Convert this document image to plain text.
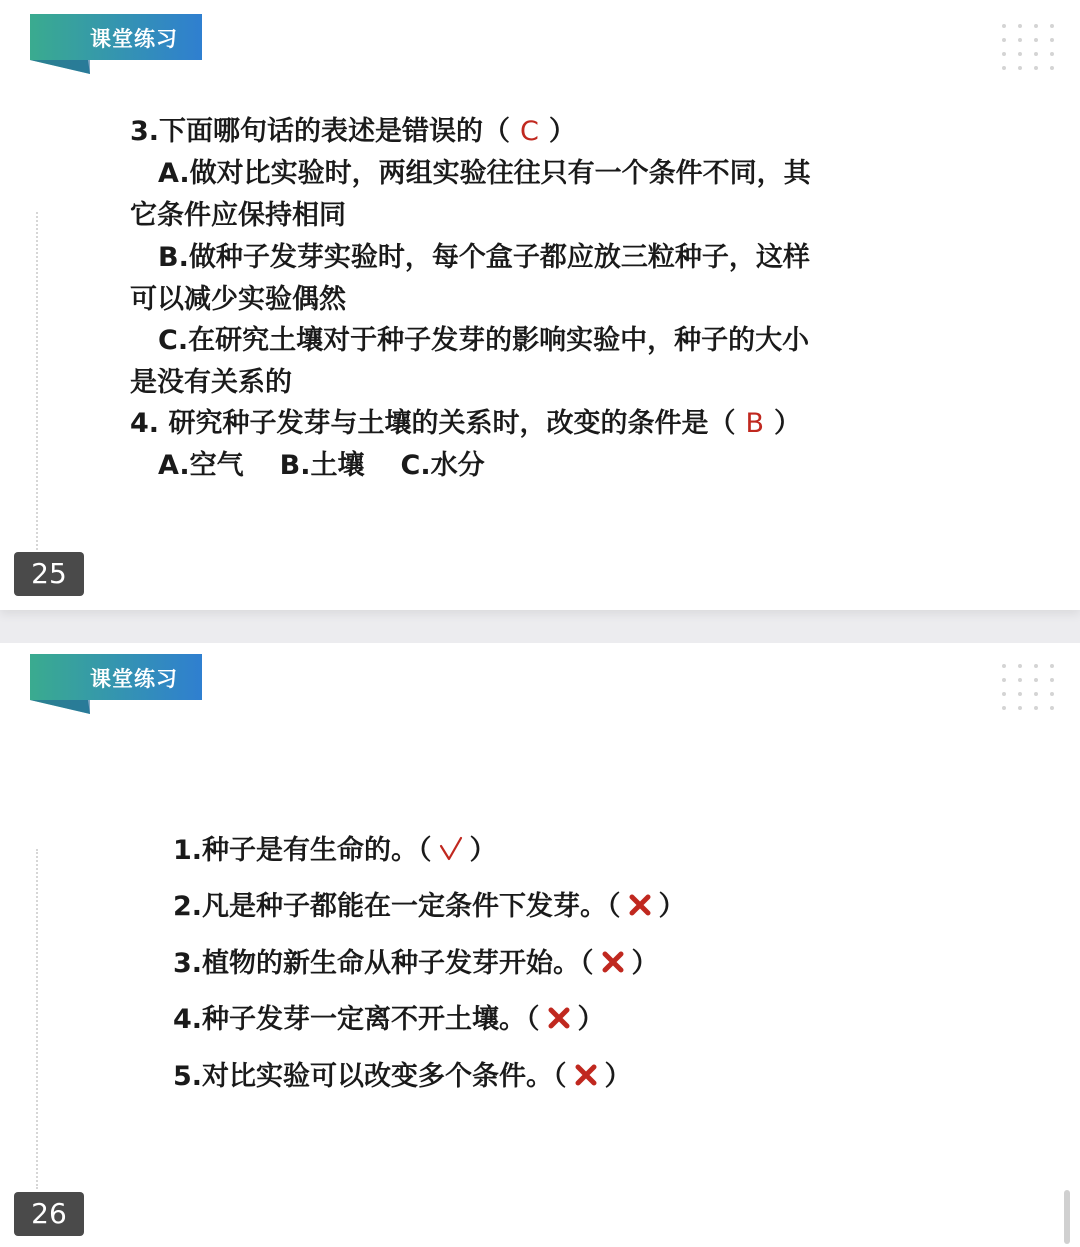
课堂练习
3.下面哪句话的表述是错误的（ C ）
A.做对比实验时，两组实验往往只有一个条件不同，其
它条件应保持相同
B.做种子发芽实验时，每个盒子都应放三粒种子，这样
可以减少实验偶然
C.在研究土壤对于种子发芽的影响实验中，种子的大小
是没有关系的
4. 研究种子发芽与土壤的关系时，改变的条件是（ B ）
A.空气 B.土壤 C.水分
25
课堂练习
1.种子是有生命的。（ ）
2.凡是种子都能在一定条件下发芽。（ ）
3.植物的新生命从种子发芽开始。（ ）
4.种子发芽一定离不开土壤。（ ）
5.对比实验可以改变多个条件。（ ）
26
